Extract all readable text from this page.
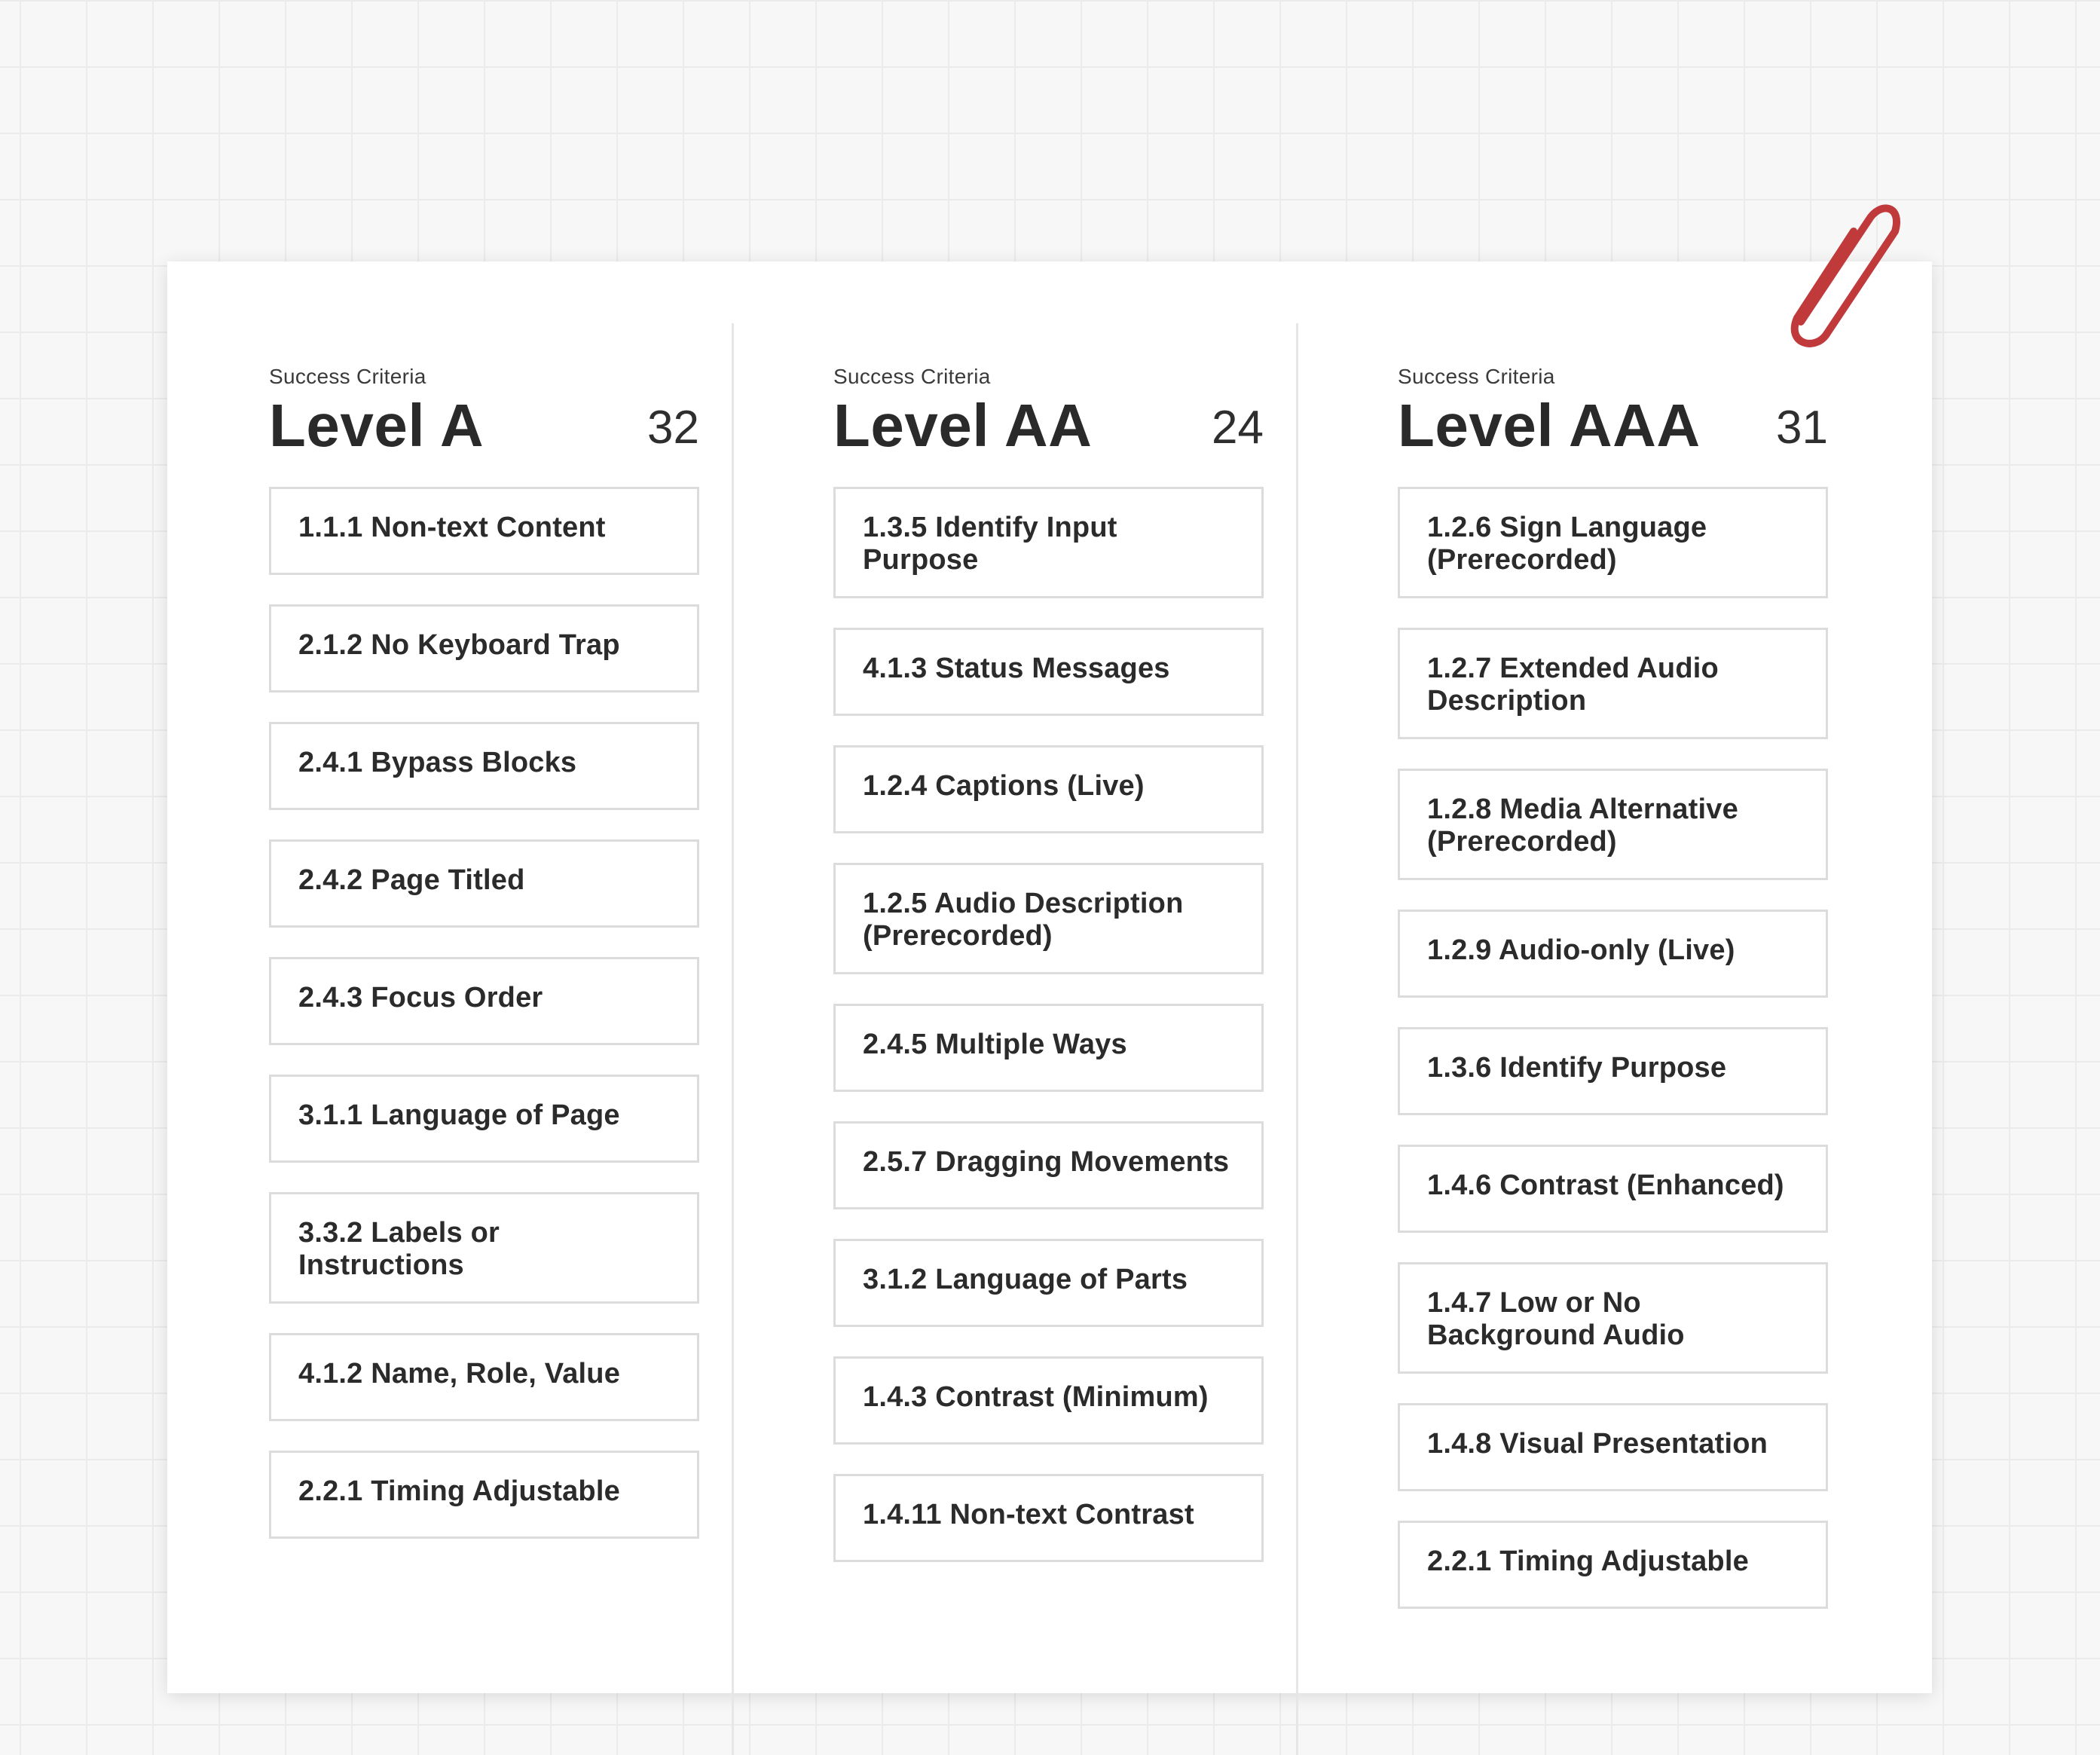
Success Criteria
Level A	32
1.1.1 Non-text Content
2.1.2 No Keyboard Trap
2.4.1 Bypass Blocks
2.4.2 Page Titled
2.4.3 Focus Order
3.1.1 Language of Page
3.3.2 Labels or Instructions
4.1.2 Name, Role, Value
2.2.1 Timing Adjustable
Success Criteria
Level AA	24
1.3.5 Identify Input Purpose
4.1.3 Status Messages
1.2.4 Captions (Live)
1.2.5 Audio Description (Prerecorded)
2.4.5 Multiple Ways
2.5.7 Dragging Movements
3.1.2 Language of Parts
1.4.3 Contrast (Minimum)
1.4.11 Non-text Contrast
Success Criteria
Level AAA 31
1.2.6 Sign Language (Prerecorded)
1.2.7 Extended Audio Description
1.2.8 Media Alternative (Prerecorded)
1.2.9 Audio-only (Live)
1.3.6 Identify Purpose
1.4.6 Contrast (Enhanced)
1.4.7 Low or No Background Audio
1.4.8 Visual Presentation
2.2.1 Timing Adjustable
